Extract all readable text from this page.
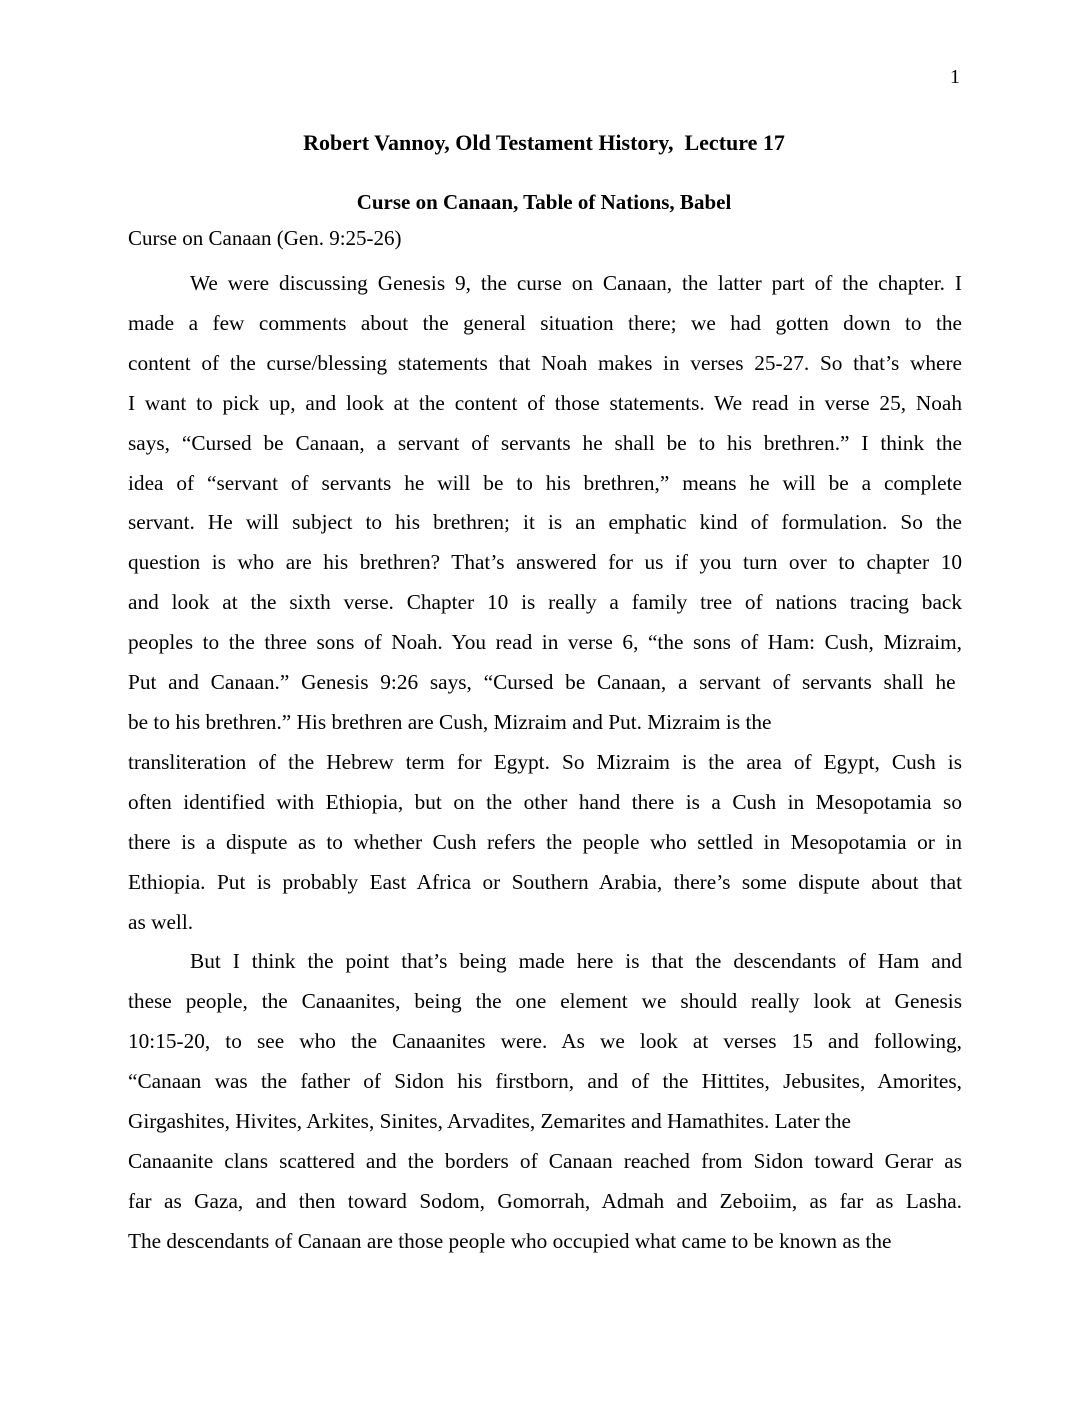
1
Robert Vannoy, Old Testament History,  Lecture 17
Curse on Canaan, Table of Nations, Babel
Curse on Canaan (Gen. 9:25-26)
We were discussing Genesis 9, the curse on Canaan, the latter part of the chapter. I
made a few comments about the general situation there; we had gotten down to the
content of the curse/blessing statements that Noah makes in verses 25-27. So that’s where
I want to pick up, and look at the content of those statements. We read in verse 25, Noah
says, “Cursed be Canaan, a servant of servants he shall be to his brethren.” I think the
idea of “servant of servants he will be to his brethren,” means he will be a complete
servant. He will subject to his brethren; it is an emphatic kind of formulation. So the
question is who are his brethren? That’s answered for us if you turn over to chapter 10
and look at the sixth verse. Chapter 10 is really a family tree of nations tracing back
peoples to the three sons of Noah. You read in verse 6, “the sons of Ham: Cush, Mizraim,
Put and Canaan.” Genesis 9:26 says, “Cursed be Canaan, a servant of servants shall he
be to his brethren.” His brethren are Cush, Mizraim and Put. Mizraim is the
transliteration of the Hebrew term for Egypt. So Mizraim is the area of Egypt, Cush is
often identified with Ethiopia, but on the other hand there is a Cush in Mesopotamia so
there is a dispute as to whether Cush refers the people who settled in Mesopotamia or in
Ethiopia. Put is probably East Africa or Southern Arabia, there’s some dispute about that
as well.
But I think the point that’s being made here is that the descendants of Ham and
these people, the Canaanites, being the one element we should really look at Genesis
10:15-20, to see who the Canaanites were. As we look at verses 15 and following,
“Canaan was the father of Sidon his firstborn, and of the Hittites, Jebusites, Amorites,
Girgashites, Hivites, Arkites, Sinites, Arvadites, Zemarites and Hamathites. Later the
Canaanite clans scattered and the borders of Canaan reached from Sidon toward Gerar as
far as Gaza, and then toward Sodom, Gomorrah, Admah and Zeboiim, as far as Lasha.
The descendants of Canaan are those people who occupied what came to be known as the
